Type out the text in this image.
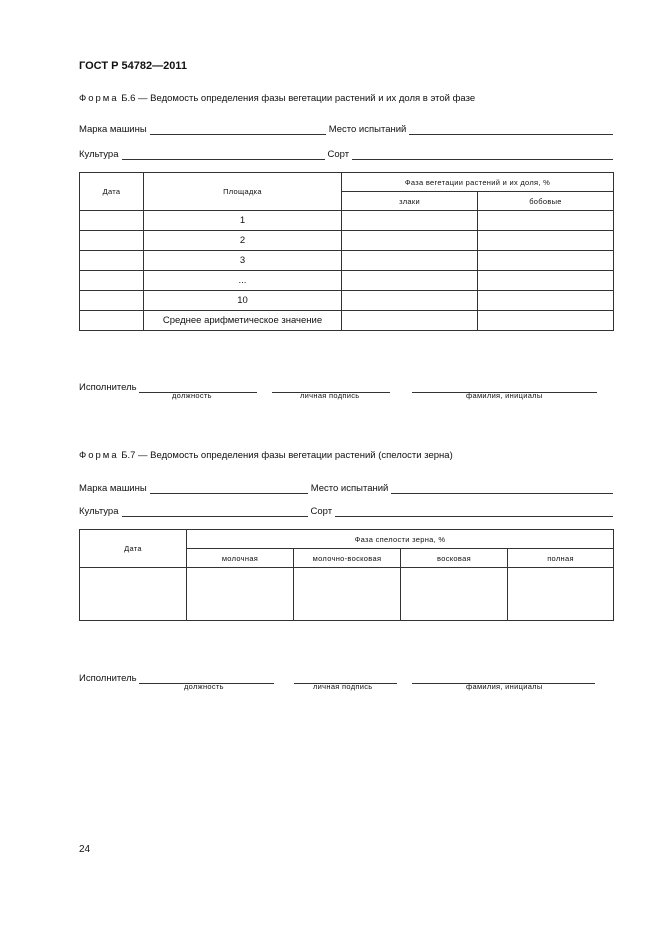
ГОСТ Р 54782—2011
Форма Б.6 — Ведомость определения фазы вегетации растений и их доля в этой фазе
Марка машины	Место испытаний
Культура	Сорт
Дата	Площадка	Фаза вегетации растений и их доля, %	
		злаки	бобовые
	1		
	2		
	3		
	...		
	10		
	Среднее арифметическое значение		
Исполнитель
должность	личная подпись	фамилия, инициалы
Форма Б.7 — Ведомость определения фазы вегетации растений (спелости зерна)
Марка машины	Место испытаний
Культура	Сорт
Дата	Фаза спелости зерна, %			
	молочная	молочно-восковая	восковая	полная

Исполнитель
должность	личная подпись	фамилия, инициалы
24
